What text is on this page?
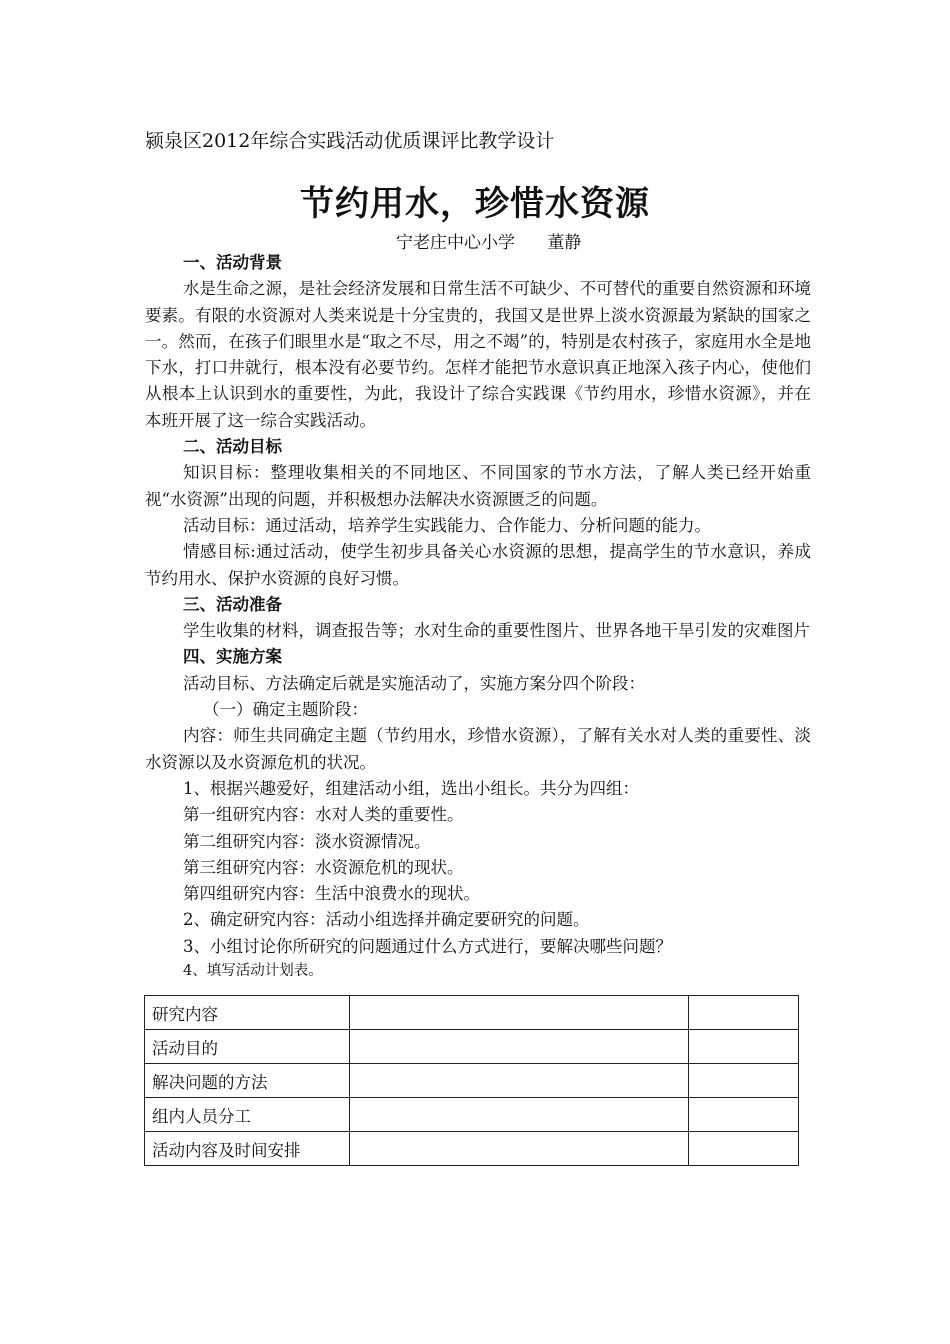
颍泉区2012年综合实践活动优质课评比教学设计
节约用水，珍惜水资源
宁老庄中心小学      董静
一、活动背景
水是生命之源，是社会经济发展和日常生活不可缺少、不可替代的重要自然资源和环境要素。有限的水资源对人类来说是十分宝贵的，我国又是世界上淡水资源最为紧缺的国家之一。然而，在孩子们眼里水是“取之不尽，用之不竭”的，特别是农村孩子，家庭用水全是地下水，打口井就行，根本没有必要节约。怎样才能把节水意识真正地深入孩子内心，使他们从根本上认识到水的重要性，为此，我设计了综合实践课《节约用水，珍惜水资源》，并在本班开展了这一综合实践活动。
二、活动目标
知识目标：整理收集相关的不同地区、不同国家的节水方法，了解人类已经开始重视“水资源”出现的问题，并积极想办法解决水资源匮乏的问题。
活动目标：通过活动，培养学生实践能力、合作能力、分析问题的能力。
情感目标:通过活动，使学生初步具备关心水资源的思想，提高学生的节水意识，养成节约用水、保护水资源的良好习惯。
三、活动准备
学生收集的材料，调查报告等；水对生命的重要性图片、世界各地干旱引发的灾难图片
四、实施方案
活动目标、方法确定后就是实施活动了，实施方案分四个阶段：
（一）确定主题阶段：
内容：师生共同确定主题（节约用水，珍惜水资源），了解有关水对人类的重要性、淡水资源以及水资源危机的状况。
1、根据兴趣爱好，组建活动小组，选出小组长。共分为四组：
第一组研究内容：水对人类的重要性。
第二组研究内容：淡水资源情况。
第三组研究内容：水资源危机的现状。
第四组研究内容：生活中浪费水的现状。
2、确定研究内容：活动小组选择并确定要研究的问题。
3、小组讨论你所研究的问题通过什么方式进行，要解决哪些问题？
4、填写活动计划表。
研究内容		
活动目的		
解决问题的方法		
组内人员分工		
活动内容及时间安排		
